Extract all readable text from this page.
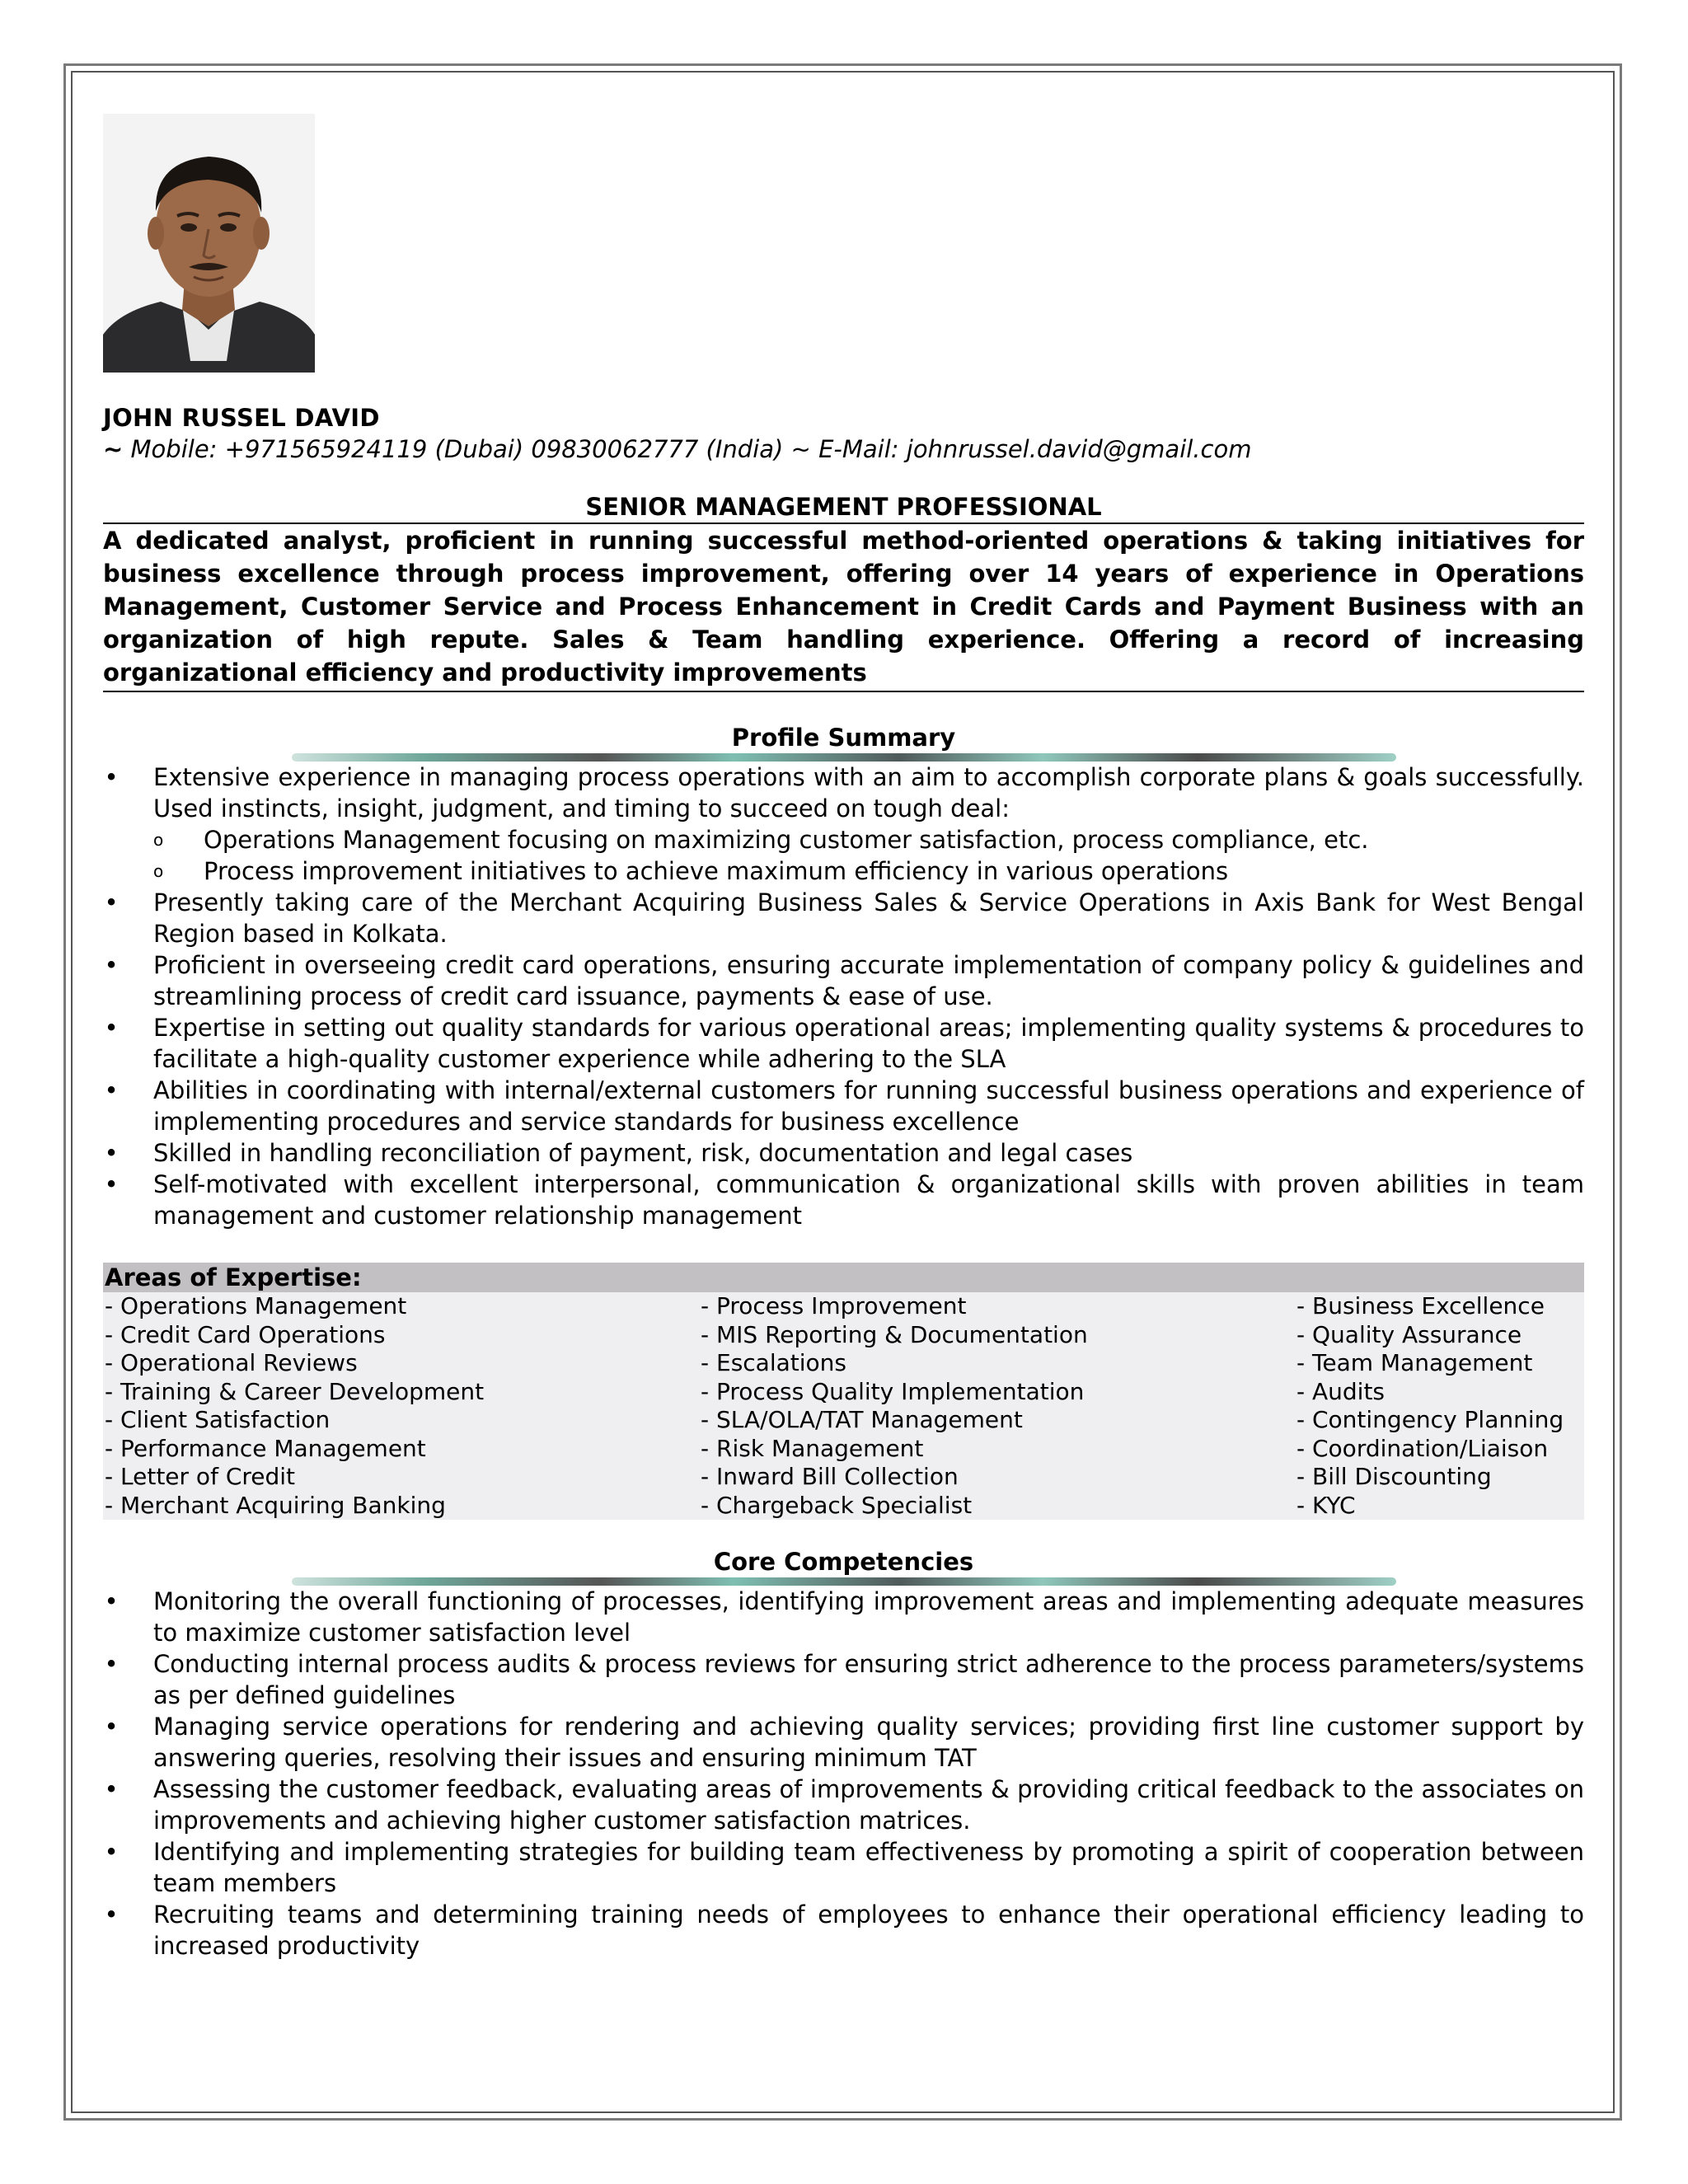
JOHN RUSSEL DAVID
~ Mobile: +971565924119 (Dubai) 09830062777 (India) ~ E-Mail: johnrussel.david@gmail.com
SENIOR MANAGEMENT PROFESSIONAL
A dedicated analyst, proficient in running successful method-oriented operations & taking initiatives for business excellence through process improvement, offering over 14 years of experience in Operations Management, Customer Service and Process Enhancement in Credit Cards and Payment Business with an organization of high repute. Sales & Team handling experience. Offering a record of increasing organizational efficiency and productivity improvements
Profile Summary
• Extensive experience in managing process operations with an aim to accomplish corporate plans & goals successfully. Used instincts, insight, judgment, and timing to succeed on tough deal:
o Operations Management focusing on maximizing customer satisfaction, process compliance, etc.
o Process improvement initiatives to achieve maximum efficiency in various operations
• Presently taking care of the Merchant Acquiring Business Sales & Service Operations in Axis Bank for West Bengal Region based in Kolkata.
• Proficient in overseeing credit card operations, ensuring accurate implementation of company policy & guidelines and streamlining process of credit card issuance, payments & ease of use.
• Expertise in setting out quality standards for various operational areas; implementing quality systems & procedures to facilitate a high-quality customer experience while adhering to the SLA
• Abilities in coordinating with internal/external customers for running successful business operations and experience of implementing procedures and service standards for business excellence
• Skilled in handling reconciliation of payment, risk, documentation and legal cases
• Self-motivated with excellent interpersonal, communication & organizational skills with proven abilities in team management and customer relationship management
Areas of Expertise:
- Operations Management	- Process Improvement	- Business Excellence
- Credit Card Operations	- MIS Reporting & Documentation	- Quality Assurance
- Operational Reviews	- Escalations	- Team Management
- Training & Career Development	- Process Quality Implementation	- Audits
- Client Satisfaction	- SLA/OLA/TAT Management	- Contingency Planning
- Performance Management	- Risk Management	- Coordination/Liaison
- Letter of Credit	- Inward Bill Collection	- Bill Discounting
- Merchant Acquiring Banking	- Chargeback Specialist	- KYC
Core Competencies
• Monitoring the overall functioning of processes, identifying improvement areas and implementing adequate measures to maximize customer satisfaction level
• Conducting internal process audits & process reviews for ensuring strict adherence to the process parameters/systems as per defined guidelines
• Managing service operations for rendering and achieving quality services; providing first line customer support by answering queries, resolving their issues and ensuring minimum TAT
• Assessing the customer feedback, evaluating areas of improvements & providing critical feedback to the associates on improvements and achieving higher customer satisfaction matrices.
• Identifying and implementing strategies for building team effectiveness by promoting a spirit of cooperation between team members
• Recruiting teams and determining training needs of employees to enhance their operational efficiency leading to increased productivity
